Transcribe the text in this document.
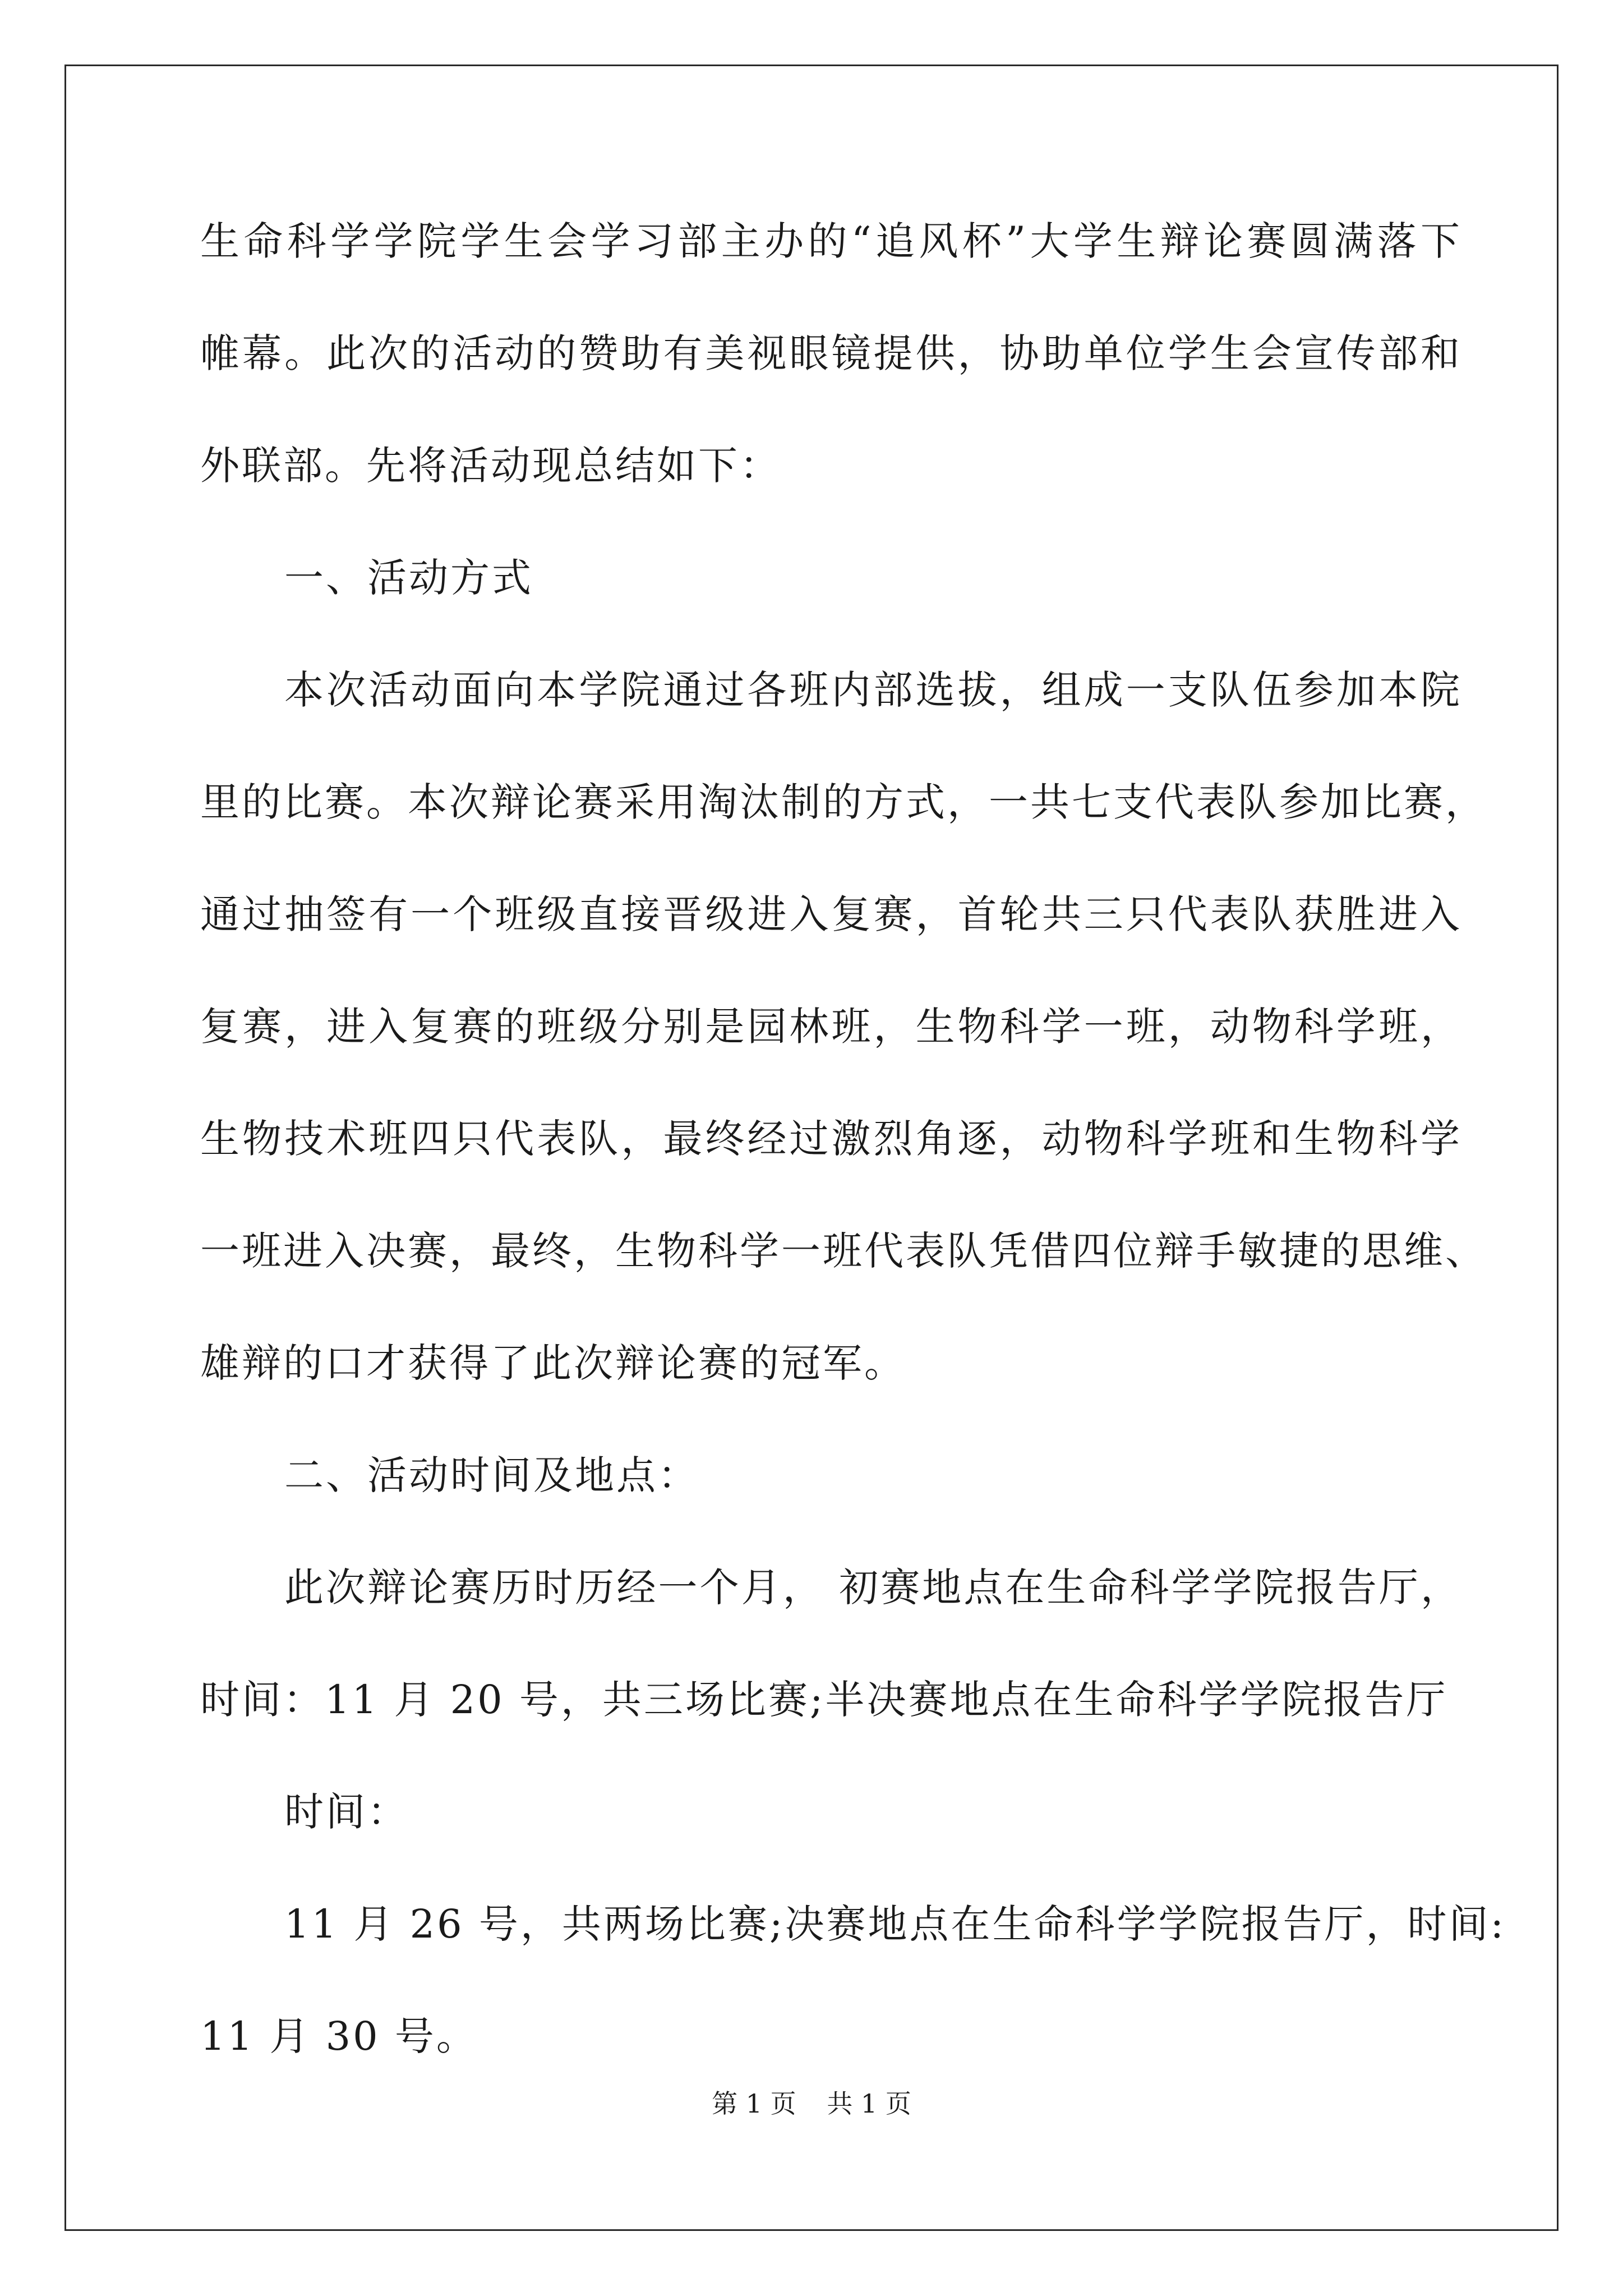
生命科学学院学生会学习部主办的“追风杯”大学生辩论赛圆满落下
帷幕。此次的活动的赞助有美视眼镜提供，协助单位学生会宣传部和
外联部。先将活动现总结如下：
一、活动方式
本次活动面向本学院通过各班内部选拔，组成一支队伍参加本院
里的比赛。本次辩论赛采用淘汰制的方式，一共七支代表队参加比赛，
通过抽签有一个班级直接晋级进入复赛，首轮共三只代表队获胜进入
复赛，进入复赛的班级分别是园林班，生物科学一班，动物科学班，
生物技术班四只代表队，最终经过激烈角逐，动物科学班和生物科学
一班进入决赛，最终，生物科学一班代表队凭借四位辩手敏捷的思维、
雄辩的口才获得了此次辩论赛的冠军。
二、活动时间及地点：
此次辩论赛历时历经一个月， 初赛地点在生命科学学院报告厅，
时间：11 月 20 号，共三场比赛;半决赛地点在生命科学学院报告厅
时间：
11 月 26 号，共两场比赛;决赛地点在生命科学学院报告厅，时间:
11 月 30 号。
第 1 页 共 1 页
